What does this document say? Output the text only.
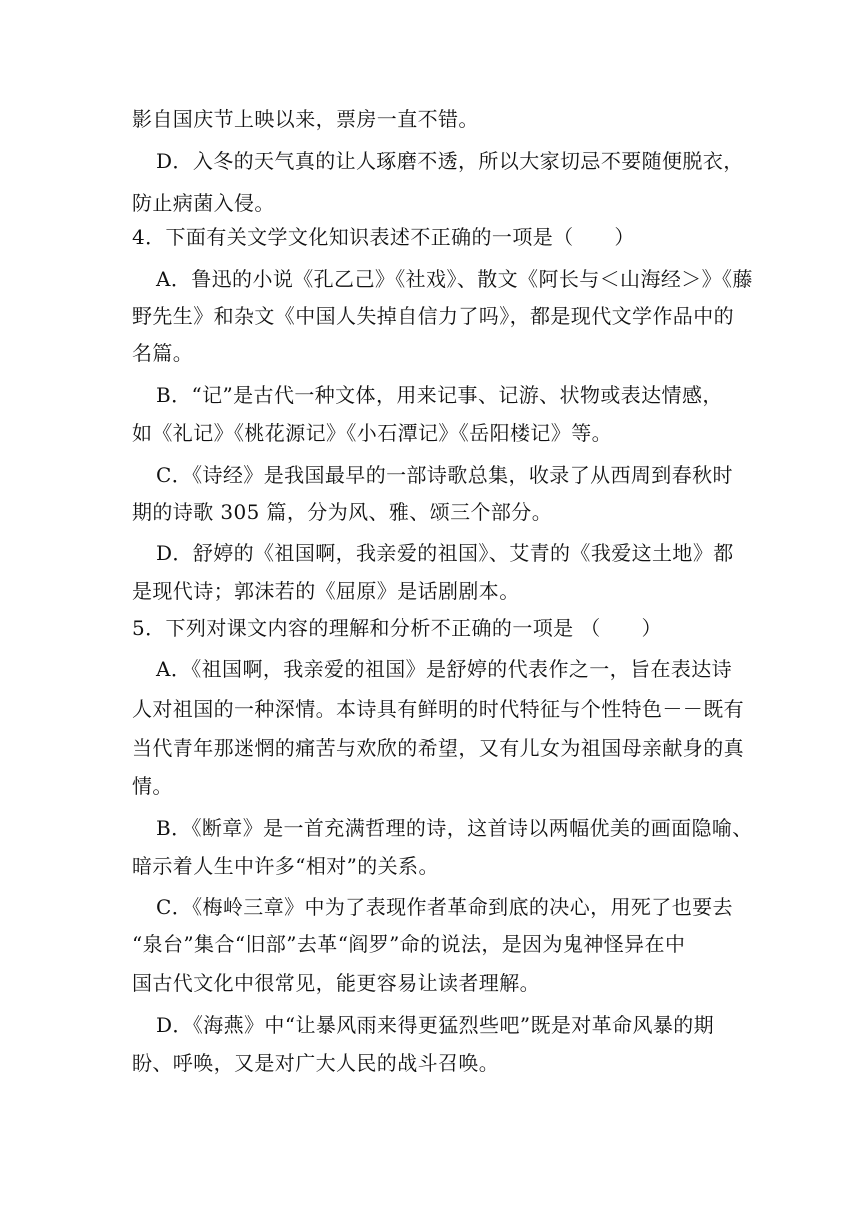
影自国庆节上映以来，票房一直不错。
D．入冬的天气真的让人琢磨不透，所以大家切忌不要随便脱衣，
防止病菌入侵。
4．下面有关文学文化知识表述不正确的一项是（　　）
A．鲁迅的小说《孔乙己》《社戏》、散文《阿长与＜山海经＞》《藤
野先生》和杂文《中国人失掉自信力了吗》，都是现代文学作品中的
名篇。
B．“记”是古代一种文体，用来记事、记游、状物或表达情感，
如《礼记》《桃花源记》《小石潭记》《岳阳楼记》等。
C．《诗经》是我国最早的一部诗歌总集，收录了从西周到春秋时
期的诗歌 305 篇，分为风、雅、颂三个部分。
D．舒婷的《祖国啊，我亲爱的祖国》、艾青的《我爱这土地》都
是现代诗；郭沫若的《屈原》是话剧剧本。
5．下列对课文内容的理解和分析不正确的一项是 （　　）
A．《祖国啊，我亲爱的祖国》是舒婷的代表作之一，旨在表达诗
人对祖国的一种深情。本诗具有鲜明的时代特征与个性特色－－既有
当代青年那迷惘的痛苦与欢欣的希望，又有儿女为祖国母亲献身的真
情。
B．《断章》是一首充满哲理的诗，这首诗以两幅优美的画面隐喻、
暗示着人生中许多“相对”的关系。
C．《梅岭三章》中为了表现作者革命到底的决心，用死了也要去
“泉台”集合“旧部”去革“阎罗”命的说法，是因为鬼神怪异在中
国古代文化中很常见，能更容易让读者理解。
D．《海燕》中“让暴风雨来得更猛烈些吧”既是对革命风暴的期
盼、呼唤，又是对广大人民的战斗召唤。
